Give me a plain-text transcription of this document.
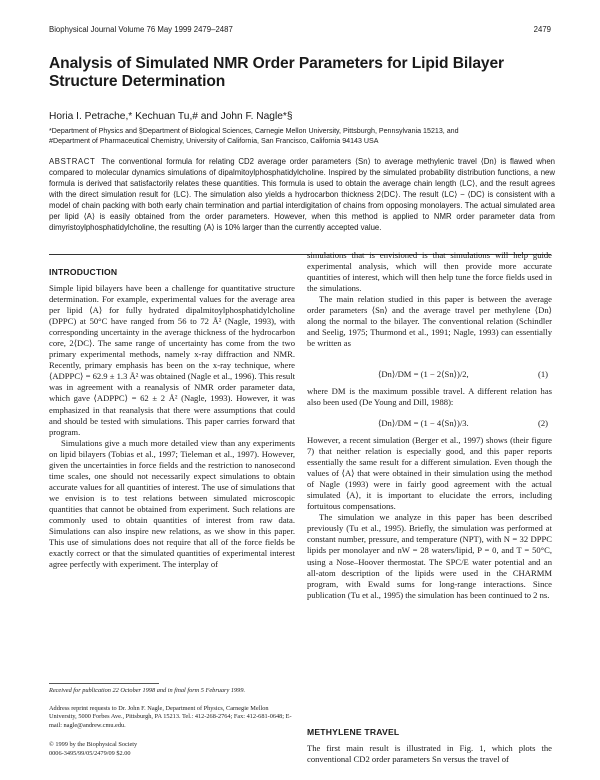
Biophysical Journal Volume 76 May 1999 2479–2487	2479
Analysis of Simulated NMR Order Parameters for Lipid Bilayer
Structure Determination
Horia I. Petrache,* Kechuan Tu,# and John F. Nagle*§
*Department of Physics and §Department of Biological Sciences, Carnegie Mellon University, Pittsburgh, Pennsylvania 15213, and
#Department of Pharmaceutical Chemistry, University of California, San Francisco, California 94143 USA
ABSTRACT The conventional formula for relating CD2 average order parameters ⟨Sn⟩ to average methylenic travel ⟨Dn⟩ is flawed when compared to molecular dynamics simulations of dipalmitoylphosphatidylcholine. Inspired by the simulated probability distribution functions, a new formula is derived that satisfactorily relates these quantities. This formula is used to obtain the average chain length ⟨LC⟩, and the result agrees with the direct simulation result for ⟨LC⟩. The simulation also yields a hydrocarbon thickness 2⟨DC⟩. The result ⟨LC⟩ − ⟨DC⟩ is consistent with a model of chain packing with both early chain termination and partial interdigitation of chains from opposing monolayers. The actual simulated area per lipid ⟨A⟩ is easily obtained from the order parameters. However, when this method is applied to NMR order parameter data from dimyristoylphosphatidylcholine, the resulting ⟨A⟩ is 10% larger than the currently accepted value.
INTRODUCTION

Simple lipid bilayers have been a challenge for quantitative structure determination. For example, experimental values for the average area per lipid ⟨A⟩ for fully hydrated dipalmitoylphosphatidylcholine (DPPC) at 50°C have ranged from 56 to 72 Å² (Nagle, 1993), with corresponding uncertainty in the average thickness of the hydrocarbon core, 2⟨DC⟩. The same range of uncertainty has come from the two primary experimental methods, namely x-ray diffraction and NMR. Recently, primary emphasis has been on the x-ray technique, where ⟨ADPPC⟩ = 62.9 ± 1.3 Å² was obtained (Nagle et al., 1996). This result was in agreement with a reanalysis of NMR order parameter data, which gave ⟨ADPPC⟩ = 62 ± 2 Å² (Nagle, 1993). However, it was emphasized in that reanalysis that there were assumptions that could and should be tested with simulations. This paper carries forward that program.

Simulations give a much more detailed view than any experiments on lipid bilayers (Tobias et al., 1997; Tieleman et al., 1997). However, given the uncertainties in force fields and the restriction to nanosecond time scales, one should not necessarily expect simulations to obtain accurate values for all quantities of interest. The use of simulations that we envision is to test relations between simulated microscopic quantities that cannot be obtained from experiment. Such relations are commonly used to obtain quantities of interest from raw data. Simulations can also inspire new relations, as we show in this paper. This use of simulations does not require that all of the force fields be exactly correct or that the simulated quantities of experimental interest agree perfectly with experiment. The interplay of

simulations that is envisioned is that simulations will help guide experimental analysis, which will then provide more accurate quantities of interest, which will then help tune the force fields used in the simulations.

The main relation studied in this paper is between the average order parameters ⟨Sn⟩ and the average travel per methylene ⟨Dn⟩ along the normal to the bilayer. The conventional relation (Schindler and Seelig, 1975; Thurmond et al., 1991; Nagle, 1993) can essentially be written as

⟨Dn⟩/DM = (1 − 2⟨Sn⟩)/2,	(1)

where DM is the maximum possible travel. A different relation has also been used (De Young and Dill, 1988):

⟨Dn⟩/DM = (1 − 4⟨Sn⟩)/3.	(2)

However, a recent simulation (Berger et al., 1997) shows (their figure 7) that neither relation is especially good, and this paper reports essentially the same result for a different simulation. Even though the values of ⟨A⟩ that were obtained in their simulation using the method of Nagle (1993) were in fairly good agreement with the actual simulated ⟨A⟩, it is important to elucidate the errors, including fortuitous compensations.

The simulation we analyze in this paper has been described previously (Tu et al., 1995). Briefly, the simulation was performed at constant number, pressure, and temperature (NPT), with N = 32 DPPC lipids per monolayer and nW = 28 waters/lipid, P = 0, and T = 50°C, using a Nose–Hoover thermostat. The SPC/E water potential and an all-atom description of the lipids were used in the CHARMM program, with Ewald sums for long-range interactions. Since publication (Tu et al., 1995) the simulation has been continued to 2 ns.

METHYLENE TRAVEL

The first main result is illustrated in Fig. 1, which plots the conventional CD2 order parameters Sn versus the travel of

Received for publication 22 October 1998 and in final form 5 February 1999.
Address reprint requests to Dr. John F. Nagle, Department of Physics, Carnegie Mellon University, 5000 Forbes Ave., Pittsburgh, PA 15213. Tel.: 412-268-2764; Fax: 412-681-0648; E-mail: nagle@andrew.cmu.edu.
© 1999 by the Biophysical Society
0006-3495/99/05/2479/09 $2.00
